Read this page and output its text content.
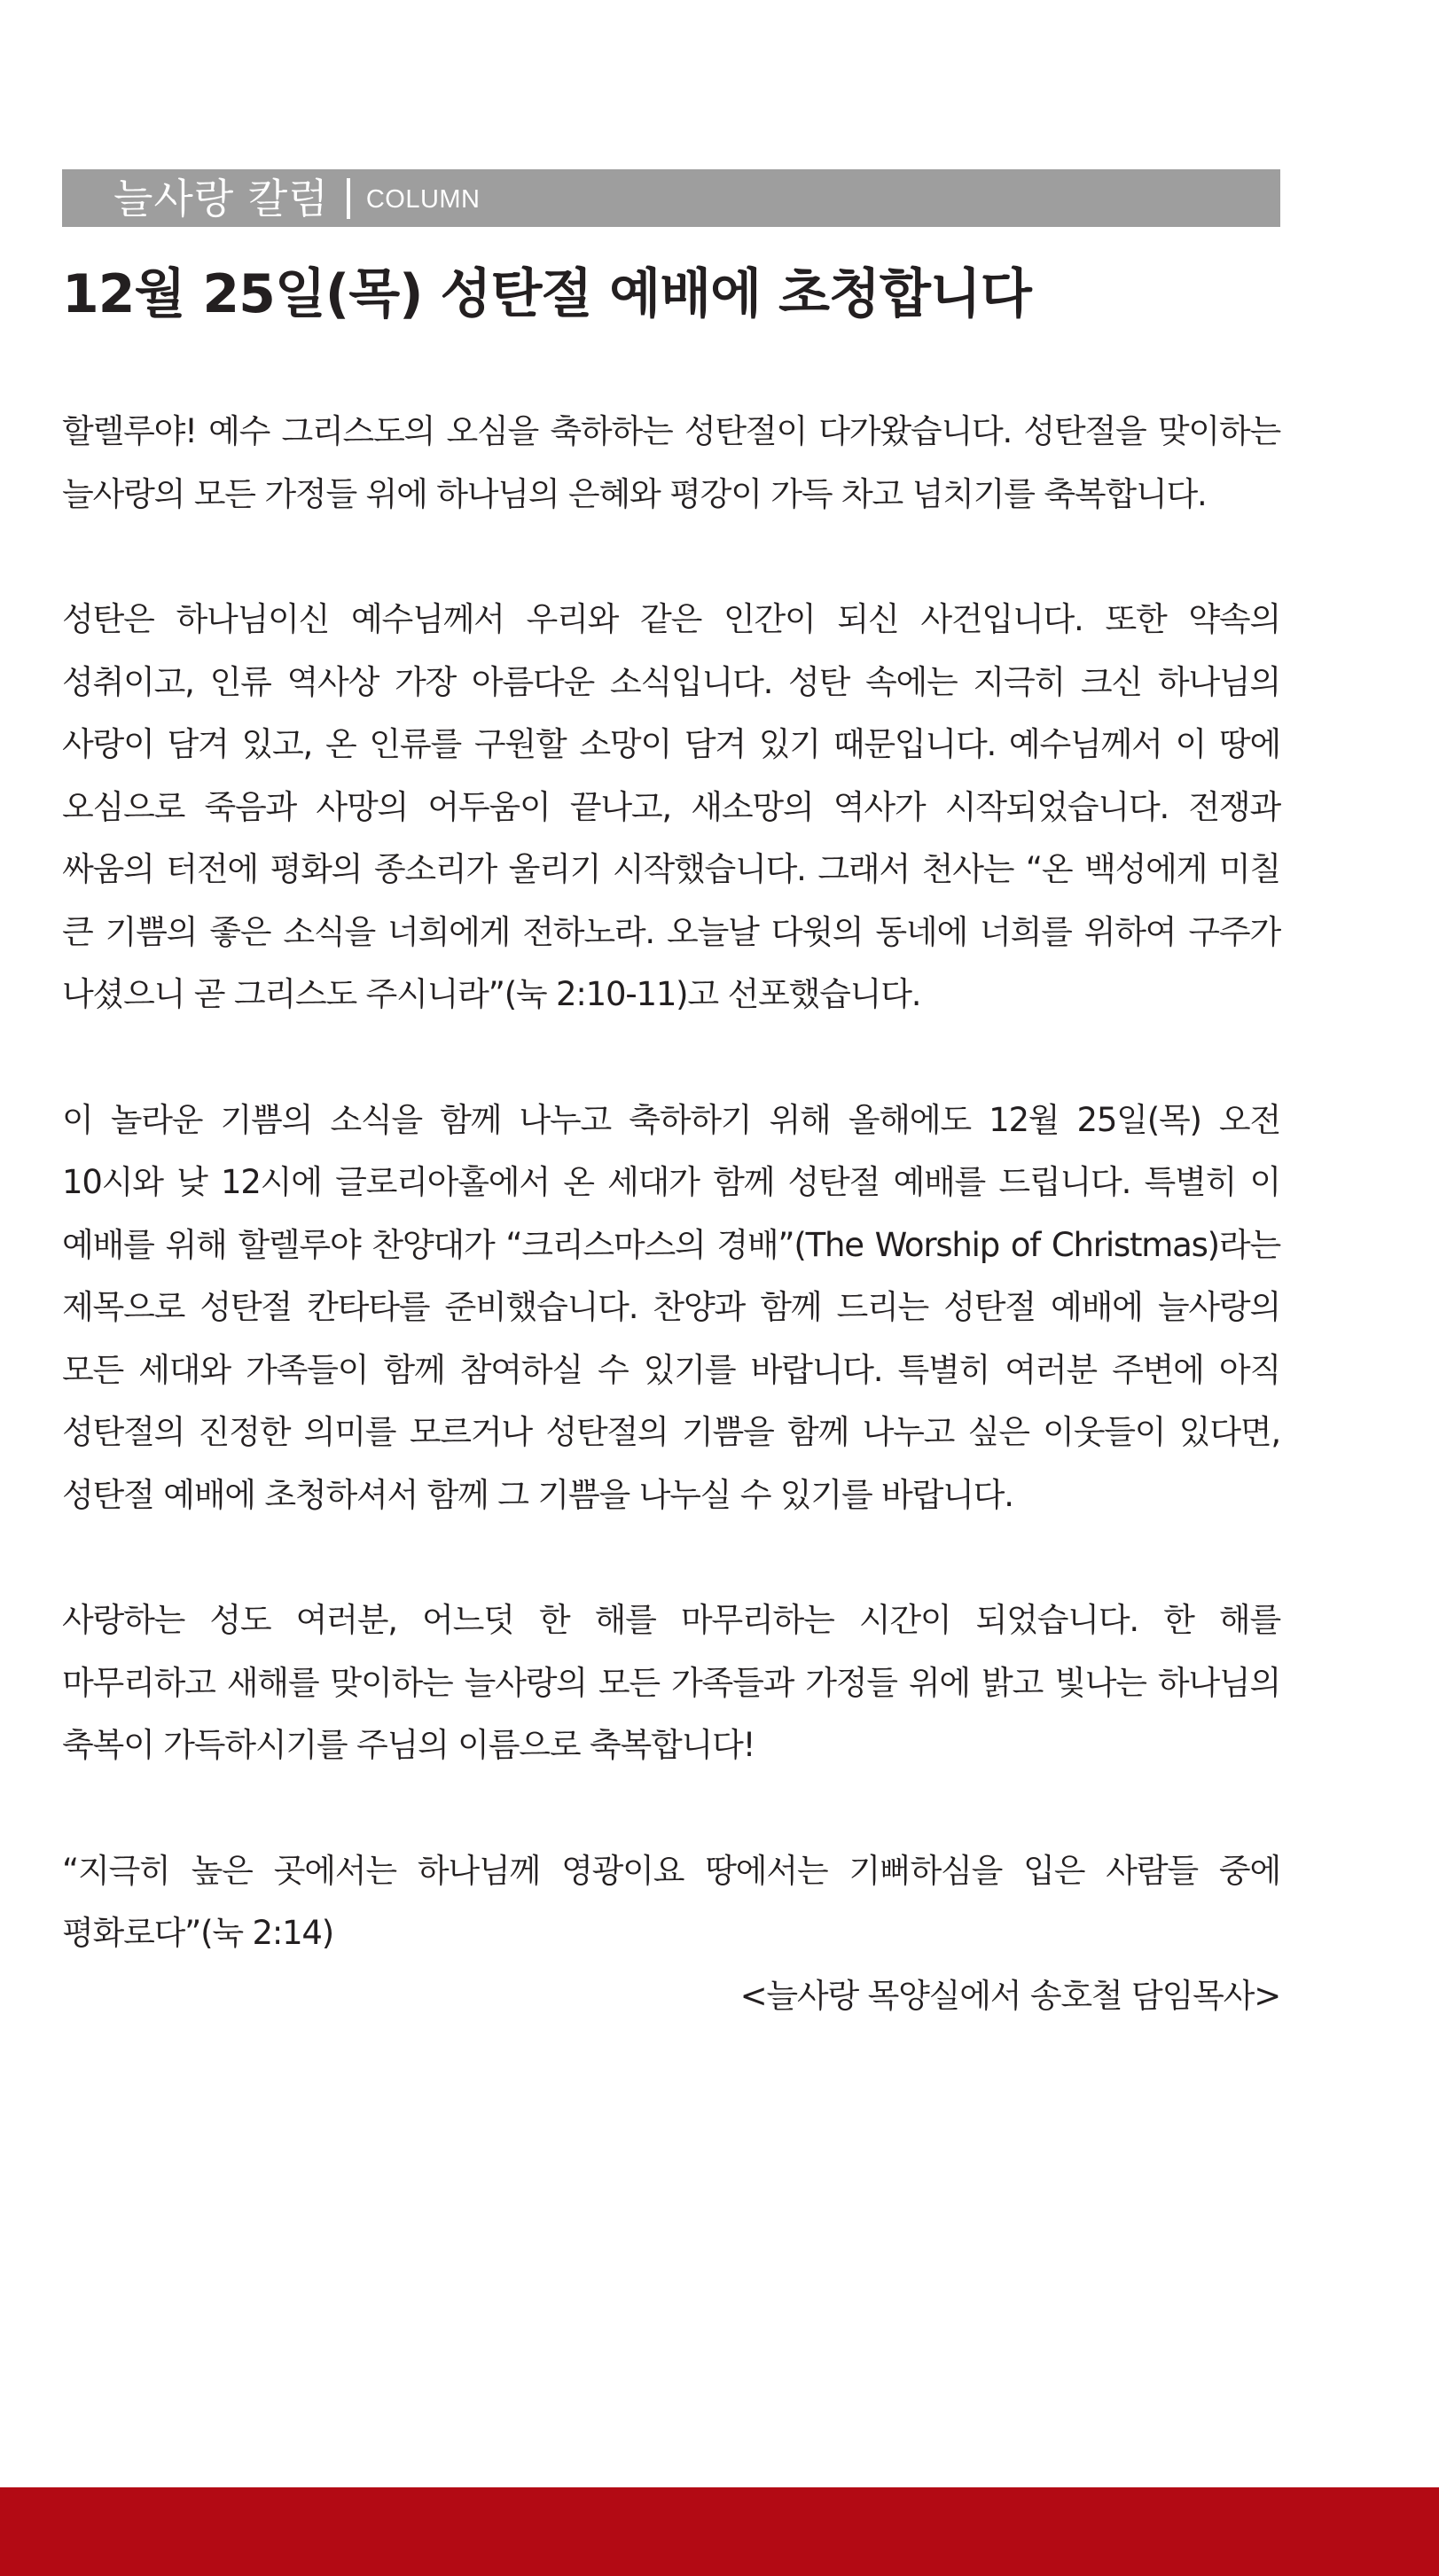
늘사랑 칼럼 COLUMN
12월 25일(목) 성탄절 예배에 초청합니다

할렐루야! 예수 그리스도의 오심을 축하하는 성탄절이 다가왔습니다. 성탄절을 맞이하는 늘사랑의 모든 가정들 위에 하나님의 은혜와 평강이 가득 차고 넘치기를 축복합니다.

성탄은 하나님이신 예수님께서 우리와 같은 인간이 되신 사건입니다. 또한 약속의 성취이고, 인류 역사상 가장 아름다운 소식입니다. 성탄 속에는 지극히 크신 하나님의 사랑이 담겨 있고, 온 인류를 구원할 소망이 담겨 있기 때문입니다. 예수님께서 이 땅에 오심으로 죽음과 사망의 어두움이 끝나고, 새소망의 역사가 시작되었습니다. 전쟁과 싸움의 터전에 평화의 종소리가 울리기 시작했습니다. 그래서 천사는 “온 백성에게 미칠 큰 기쁨의 좋은 소식을 너희에게 전하노라. 오늘날 다윗의 동네에 너희를 위하여 구주가 나셨으니 곧 그리스도 주시니라”(눅 2:10-11)고 선포했습니다.

이 놀라운 기쁨의 소식을 함께 나누고 축하하기 위해 올해에도 12월 25일(목) 오전 10시와 낮 12시에 글로리아홀에서 온 세대가 함께 성탄절 예배를 드립니다. 특별히 이 예배를 위해 할렐루야 찬양대가 “크리스마스의 경배”(The Worship of Christmas)라는 제목으로 성탄절 칸타타를 준비했습니다. 찬양과 함께 드리는 성탄절 예배에 늘사랑의 모든 세대와 가족들이 함께 참여하실 수 있기를 바랍니다. 특별히 여러분 주변에 아직 성탄절의 진정한 의미를 모르거나 성탄절의 기쁨을 함께 나누고 싶은 이웃들이 있다면, 성탄절 예배에 초청하셔서 함께 그 기쁨을 나누실 수 있기를 바랍니다.

사랑하는 성도 여러분, 어느덧 한 해를 마무리하는 시간이 되었습니다. 한 해를 마무리하고 새해를 맞이하는 늘사랑의 모든 가족들과 가정들 위에 밝고 빛나는 하나님의 축복이 가득하시기를 주님의 이름으로 축복합니다!

“지극히 높은 곳에서는 하나님께 영광이요 땅에서는 기뻐하심을 입은 사람들 중에 평화로다”(눅 2:14)

<늘사랑 목양실에서 송호철 담임목사>
